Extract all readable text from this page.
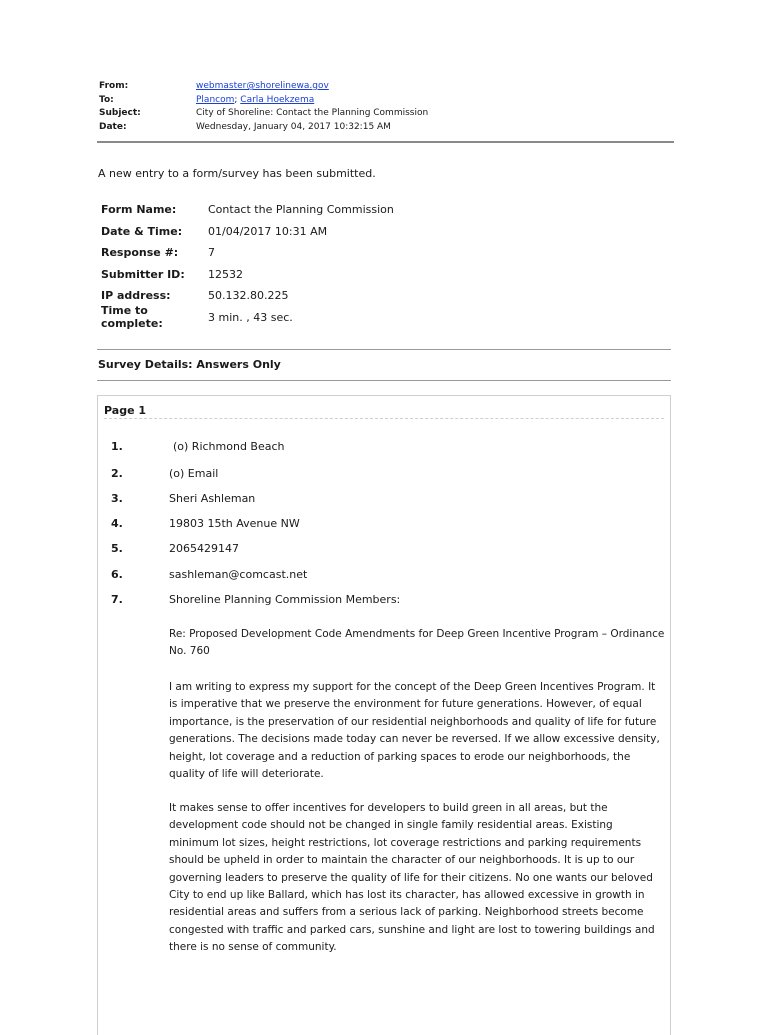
From:	webmaster@shorelinewa.gov
To:	Plancom; Carla Hoekzema
Subject:	City of Shoreline: Contact the Planning Commission
Date:	Wednesday, January 04, 2017 10:32:15 AM
A new entry to a form/survey has been submitted.
Form Name:	Contact the Planning Commission
Date & Time:	01/04/2017 10:31 AM
Response #:	7
Submitter ID:	12532
IP address:	50.132.80.225
Time to complete:	3 min. , 43 sec.
Survey Details: Answers Only
Page 1
1.	(o) Richmond Beach
2.	(o) Email
3.	Sheri Ashleman
4.	19803 15th Avenue NW
5.	2065429147
6.	sashleman@comcast.net
7.	Shoreline Planning Commission Members:
Re: Proposed Development Code Amendments for Deep Green Incentive Program – Ordinance No. 760
I am writing to express my support for the concept of the Deep Green Incentives Program. It is imperative that we preserve the environment for future generations. However, of equal importance, is the preservation of our residential neighborhoods and quality of life for future generations. The decisions made today can never be reversed. If we allow excessive density, height, lot coverage and a reduction of parking spaces to erode our neighborhoods, the quality of life will deteriorate.
It makes sense to offer incentives for developers to build green in all areas, but the development code should not be changed in single family residential areas. Existing minimum lot sizes, height restrictions, lot coverage restrictions and parking requirements should be upheld in order to maintain the character of our neighborhoods. It is up to our governing leaders to preserve the quality of life for their citizens. No one wants our beloved City to end up like Ballard, which has lost its character, has allowed excessive in growth in residential areas and suffers from a serious lack of parking. Neighborhood streets become congested with traffic and parked cars, sunshine and light are lost to towering buildings and there is no sense of community.
